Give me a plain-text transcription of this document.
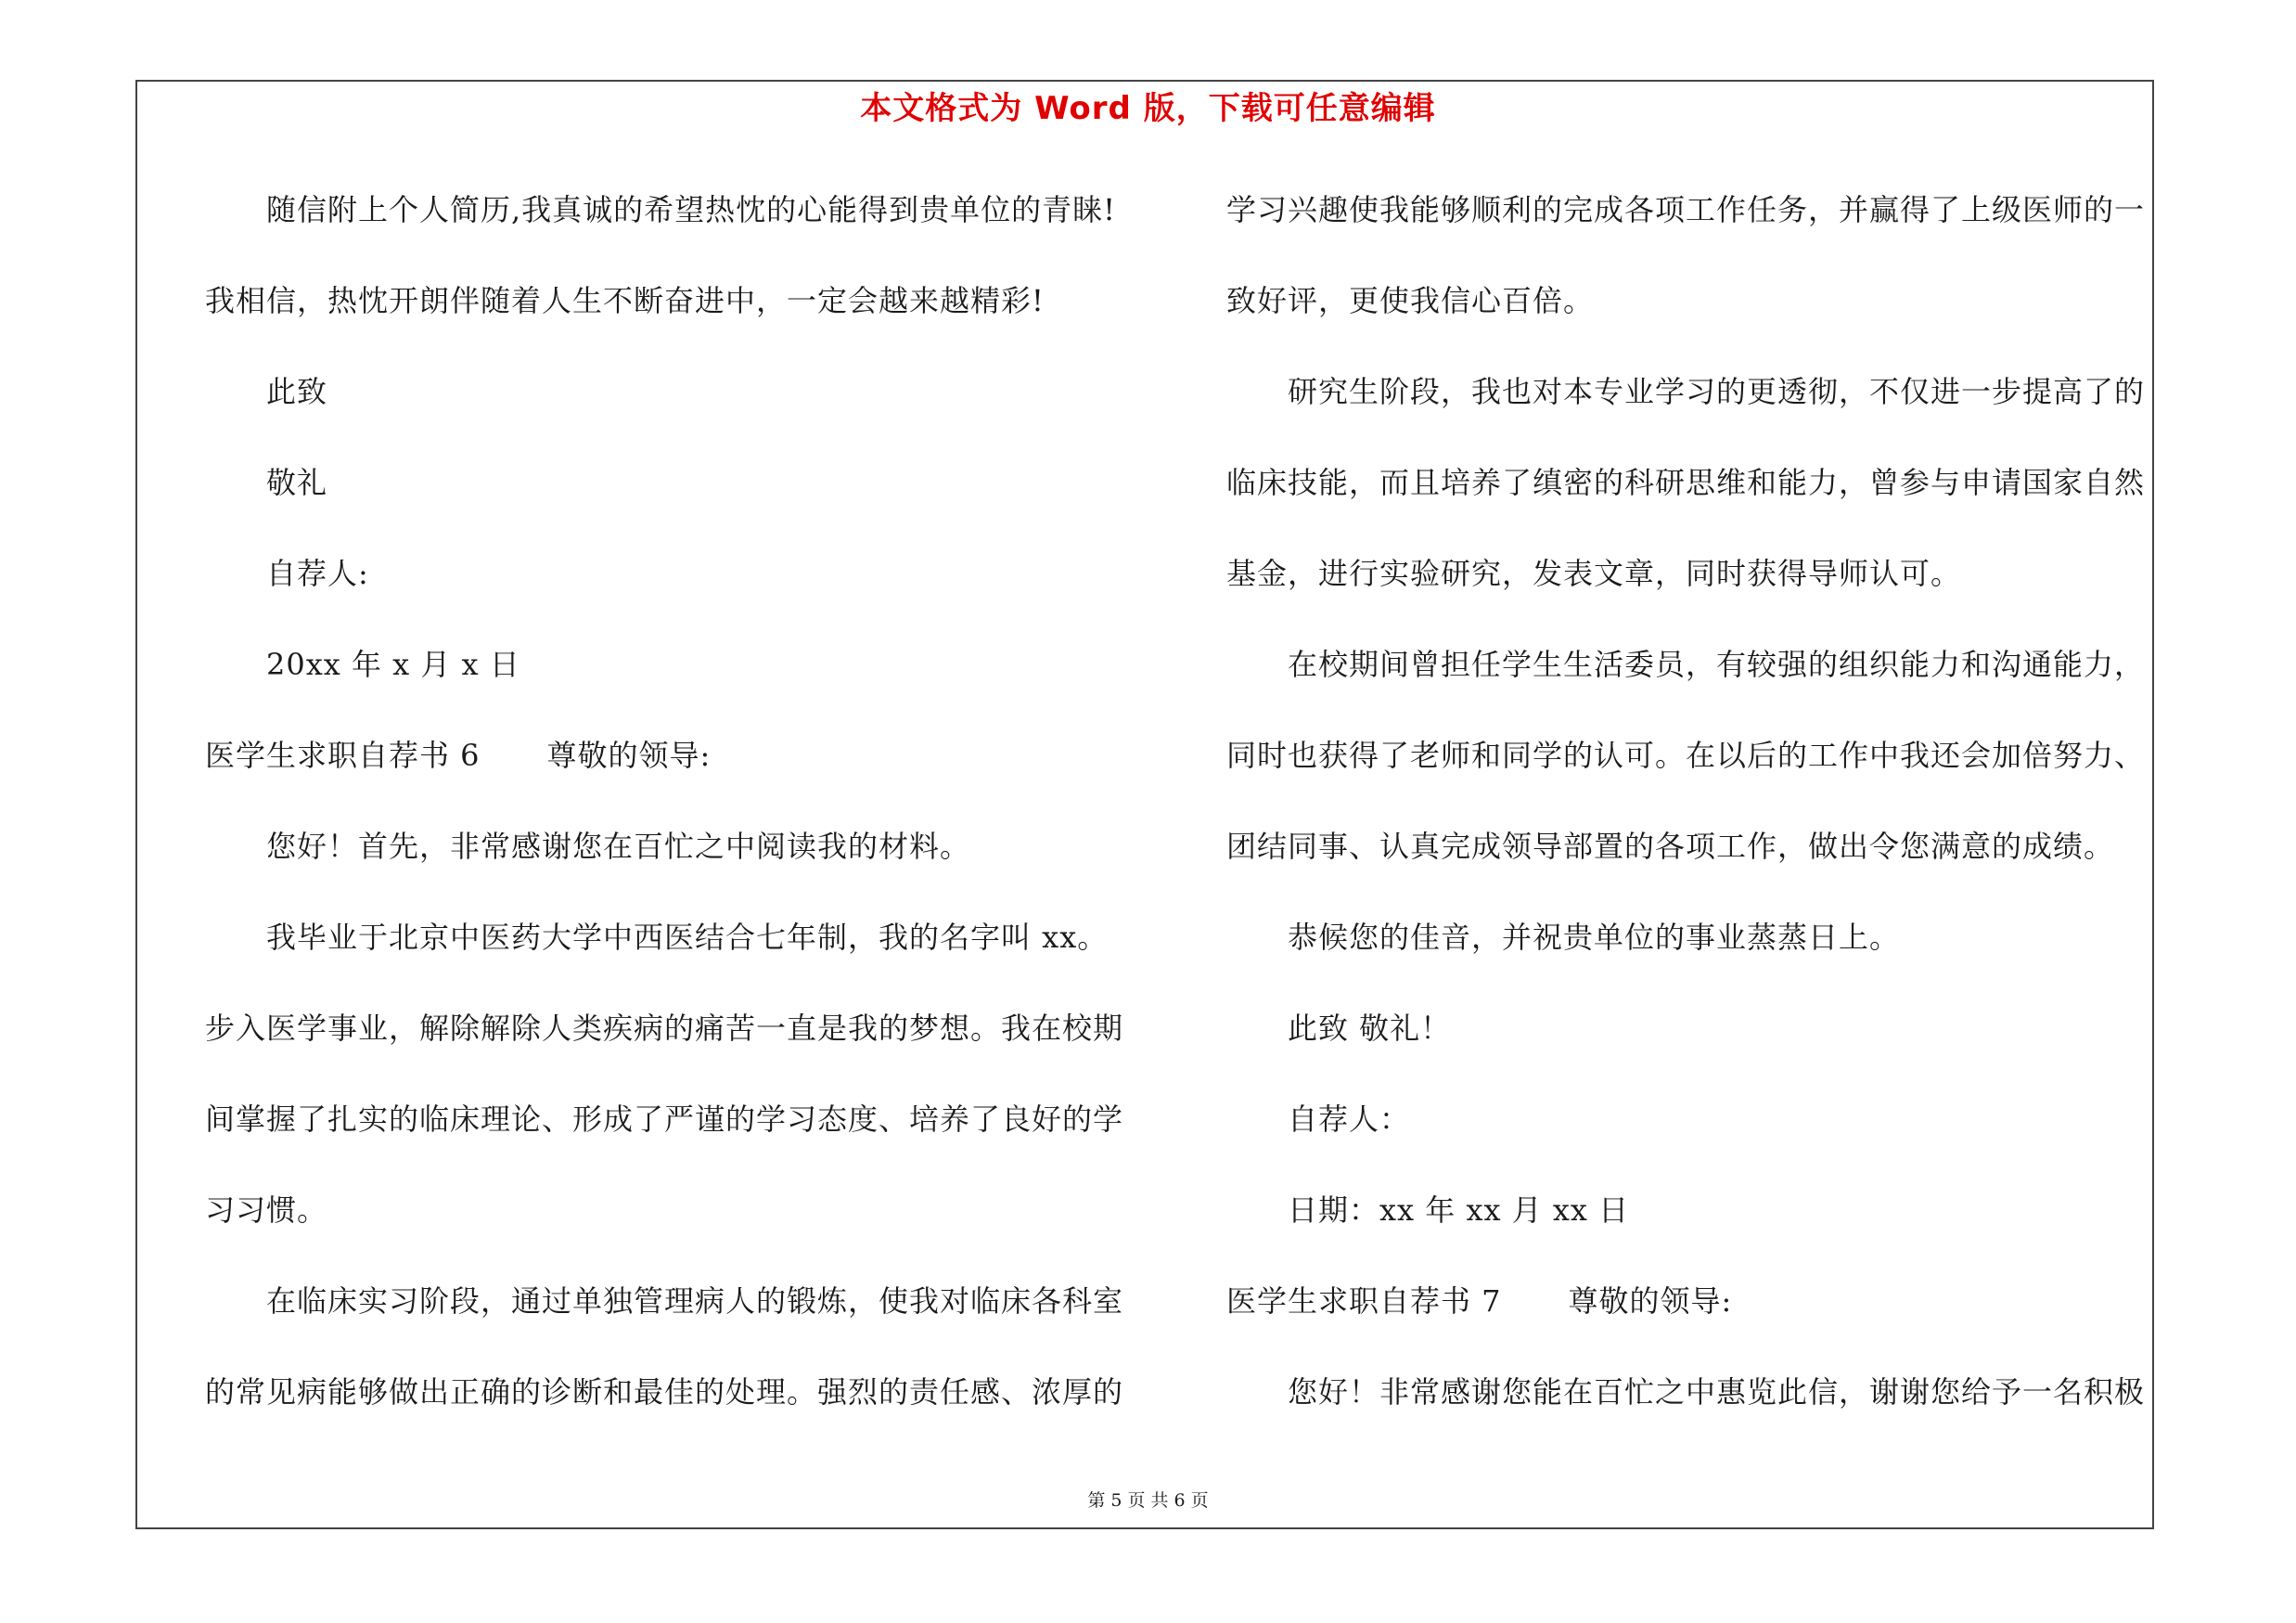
本文格式为 Word 版，下载可任意编辑
随信附上个人简历,我真诚的希望热忱的心能得到贵单位的青睐!
我相信，热忱开朗伴随着人生不断奋进中，一定会越来越精彩!
此致
敬礼
自荐人:
20xx 年 x 月 x 日
医学生求职自荐书 6 尊敬的领导:
您好！首先，非常感谢您在百忙之中阅读我的材料。
我毕业于北京中医药大学中西医结合七年制，我的名字叫 xx。
步入医学事业，解除解除人类疾病的痛苦一直是我的梦想。我在校期
间掌握了扎实的临床理论、形成了严谨的学习态度、培养了良好的学
习习惯。
在临床实习阶段，通过单独管理病人的锻炼，使我对临床各科室
的常见病能够做出正确的诊断和最佳的处理。强烈的责任感、浓厚的
学习兴趣使我能够顺利的完成各项工作任务，并赢得了上级医师的一
致好评，更使我信心百倍。
研究生阶段，我也对本专业学习的更透彻，不仅进一步提高了的
临床技能，而且培养了缜密的科研思维和能力，曾参与申请国家自然
基金，进行实验研究，发表文章，同时获得导师认可。
在校期间曾担任学生生活委员，有较强的组织能力和沟通能力，
同时也获得了老师和同学的认可。在以后的工作中我还会加倍努力、
团结同事、认真完成领导部置的各项工作，做出令您满意的成绩。
恭候您的佳音，并祝贵单位的事业蒸蒸日上。
此致 敬礼！
自荐人：
日期：xx 年 xx 月 xx 日
医学生求职自荐书 7 尊敬的领导:
您好！非常感谢您能在百忙之中惠览此信，谢谢您给予一名积极
第 5 页 共 6 页
